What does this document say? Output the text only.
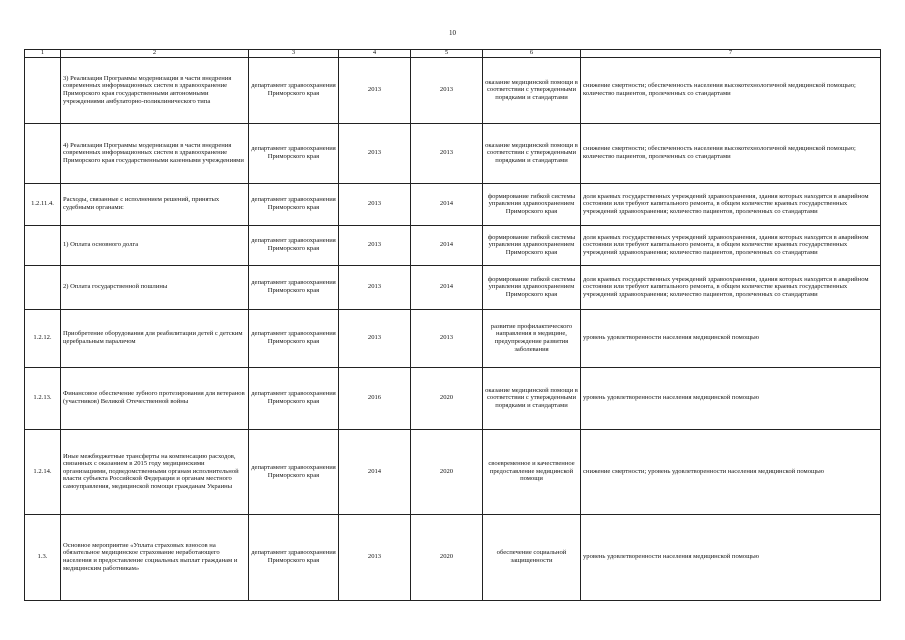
10
1	2	3	4	5	6	7
	3) Реализация Программы модернизации в части внедрения современных информационных систем в здравоохранение Приморского края государственными автономными учреждениями амбулаторно-поликлинического типа	департамент здравоохранения Приморского края	2013	2013	оказание медицинской помощи в соответствии с утвержденными порядками и стандартами	снижение смертности; обеспеченность населения высокотехнологичной медицинской помощью; количество пациентов, пролеченных со стандартами
	4) Реализация Программы модернизации в части внедрения современных информационных систем в здравоохранение Приморского края государственными казенными учреждениями	департамент здравоохранения Приморского края	2013	2013	оказание медицинской помощи в соответствии с утвержденными порядками и стандартами	снижение смертности; обеспеченность населения высокотехнологичной медицинской помощью; количество пациентов, пролеченных со стандартами
1.2.11.4.	Расходы, связанные с исполнением решений, принятых судебными органами:	департамент здравоохранения Приморского края	2013	2014	формирование гибкой системы управления здравоохранением Приморского края	доля краевых государственных учреждений здравоохранения, здания которых находятся в аварийном состоянии или требуют капитального ремонта, в общем количестве краевых государственных учреждений здравоохранения; количество пациентов, пролеченных со стандартами
	1) Оплата основного долга	департамент здравоохранения Приморского края	2013	2014	формирование гибкой системы управления здравоохранением Приморского края	доля краевых государственных учреждений здравоохранения, здания которых находятся в аварийном состоянии или требуют капитального ремонта, в общем количестве краевых государственных учреждений здравоохранения; количество пациентов, пролеченных со стандартами
	2) Оплата государственной пошлины	департамент здравоохранения Приморского края	2013	2014	формирование гибкой системы управления здравоохранением Приморского края	доля краевых государственных учреждений здравоохранения, здания которых находятся в аварийном состоянии или требуют капитального ремонта, в общем количестве краевых государственных учреждений здравоохранения; количество пациентов, пролеченных со стандартами
1.2.12.	Приобретение оборудования для реабилитации детей с детским церебральным параличом	департамент здравоохранения Приморского края	2013	2013	развитие профилактического направления в медицине, предупреждение развития заболевания	уровень удовлетворенности населения медицинской помощью
1.2.13.	Финансовое обеспечение зубного протезирования для ветеранов (участников) Великой Отечественной войны	департамент здравоохранения Приморского края	2016	2020	оказание медицинской помощи в соответствии с утвержденными порядками и стандартами	уровень удовлетворенности населения медицинской помощью
1.2.14.	Иные межбюджетные трансферты на компенсацию расходов, связанных с оказанием в 2015 году медицинскими организациями, подведомственными органам исполнительной власти субъекта Российской Федерации и органам местного самоуправления, медицинской помощи гражданам Украины	департамент здравоохранения Приморского края	2014	2020	своевременное и качественное предоставление медицинской помощи	снижение смертности; уровень удовлетворенности населения медицинской помощью
1.3.	Основное мероприятие «Уплата страховых взносов на обязательное медицинское страхование неработающего населения и предоставление социальных выплат гражданам и медицинским работникам»	департамент здравоохранения Приморского края	2013	2020	обеспечение социальной защищенности	уровень удовлетворенности населения медицинской помощью
